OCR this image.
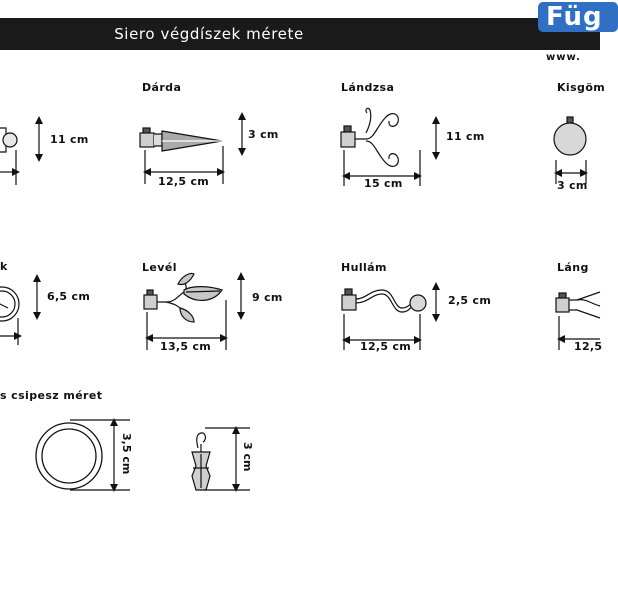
Siero végdíszek mérete
Füg
www.
11 cm
Dárda
12,5 cm
3 cm
Lándzsa
15 cm
11 cm
Kisgöm
3 cm
k
6,5 cm
Levél
13,5 cm
9 cm
Hullám
12,5 cm
2,5 cm
Láng
12,5
s csipesz méret
3,5 cm	3 cm
